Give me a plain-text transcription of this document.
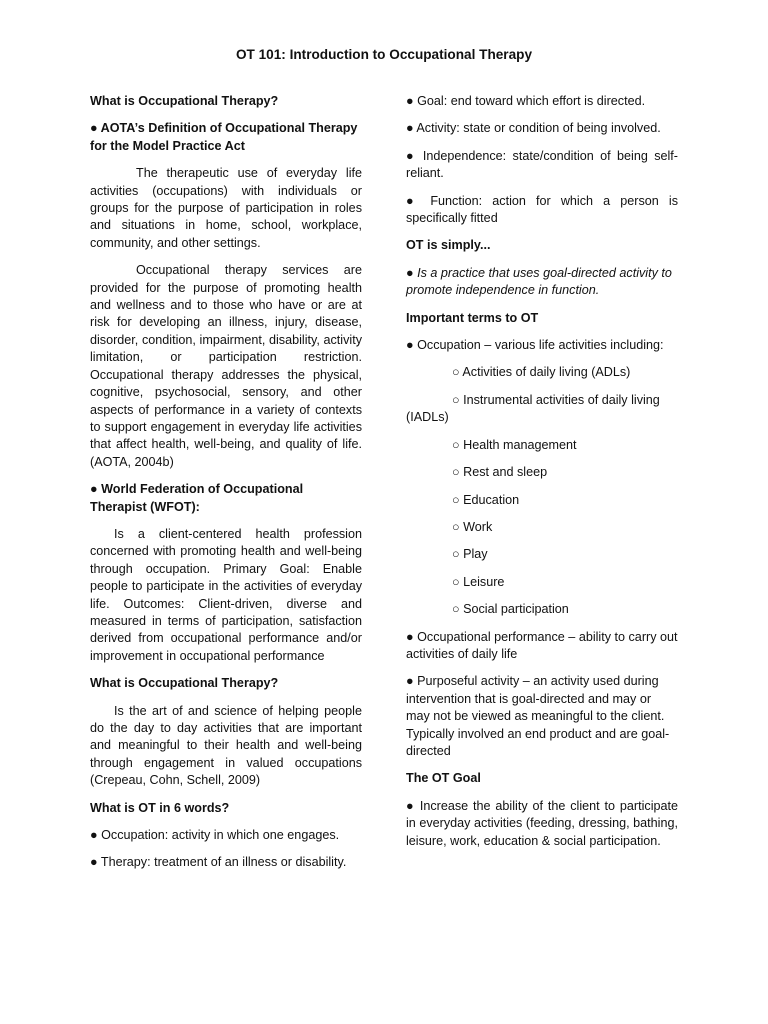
OT 101: Introduction to Occupational Therapy

What is Occupational Therapy?

● AOTA’s Definition of Occupational Therapy for the Model Practice Act

The therapeutic use of everyday life activities (occupations) with individuals or groups for the purpose of participation in roles and situations in home, school, workplace, community, and other settings.

Occupational therapy services are provided for the purpose of promoting health and wellness and to those who have or are at risk for developing an illness, injury, disease, disorder, condition, impairment, disability, activity limitation, or participation restriction. Occupational therapy addresses the physical, cognitive, psychosocial, sensory, and other aspects of performance in a variety of contexts to support engagement in everyday life activities that affect health, well-being, and quality of life. (AOTA, 2004b)

● World Federation of Occupational Therapist (WFOT):

Is a client-centered health profession concerned with promoting health and well-being through occupation. Primary Goal: Enable people to participate in the activities of everyday life. Outcomes: Client-driven, diverse and measured in terms of participation, satisfaction derived from occupational performance and/or improvement in occupational performance

What is Occupational Therapy?

Is the art of and science of helping people do the day to day activities that are important and meaningful to their health and well-being through engagement in valued occupations (Crepeau, Cohn, Schell, 2009)

What is OT in 6 words?

● Occupation: activity in which one engages.

● Therapy: treatment of an illness or disability.

● Goal: end toward which effort is directed.

● Activity: state or condition of being involved.

● Independence: state/condition of being self-reliant.

● Function: action for which a person is specifically fitted

OT is simply...

● Is a practice that uses goal-directed activity to promote independence in function.

Important terms to OT

● Occupation – various life activities including:

○ Activities of daily living (ADLs)

○ Instrumental activities of daily living (IADLs)

○ Health management

○ Rest and sleep

○ Education

○ Work

○ Play

○ Leisure

○ Social participation

● Occupational performance – ability to carry out activities of daily life

● Purposeful activity – an activity used during intervention that is goal-directed and may or may not be viewed as meaningful to the client. Typically involved an end product and are goal-directed

The OT Goal

● Increase the ability of the client to participate in everyday activities (feeding, dressing, bathing, leisure, work, education & social participation.
